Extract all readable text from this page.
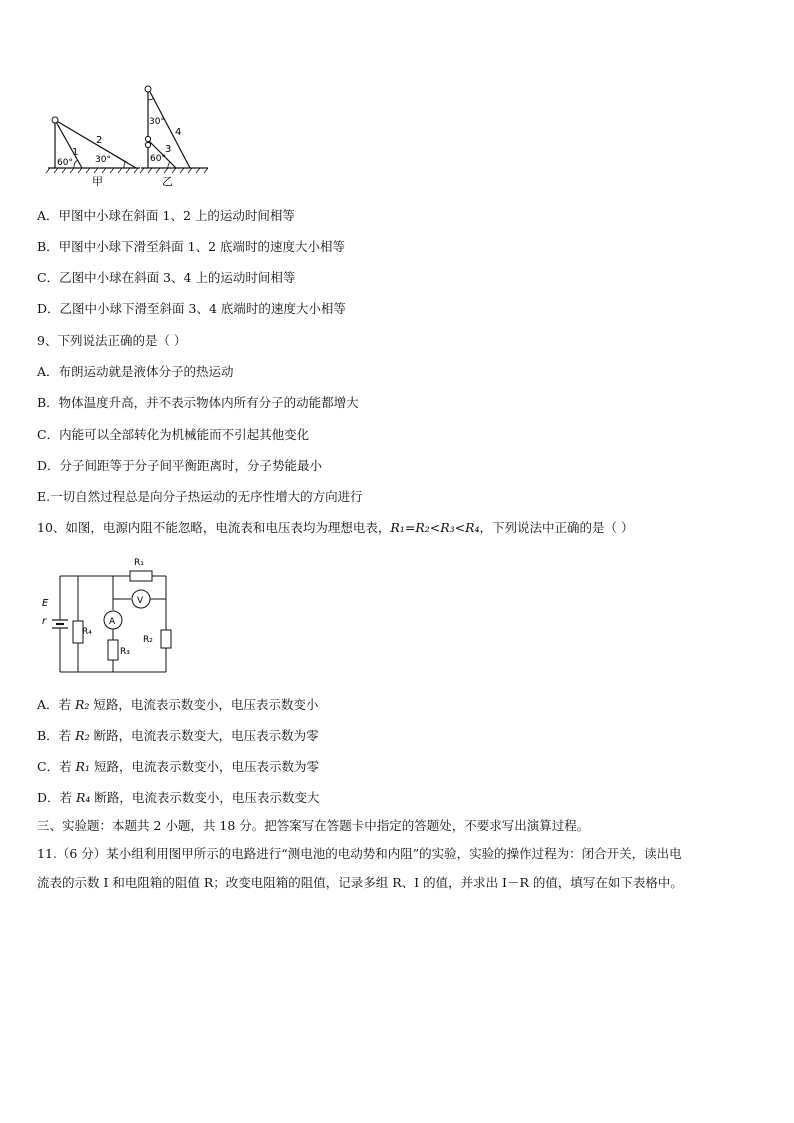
1
2
60° 30°
甲
30°
4
3
60°
乙
A．甲图中小球在斜面 1、2 上的运动时间相等
B．甲图中小球下滑至斜面 1、2 底端时的速度大小相等
C．乙图中小球在斜面 3、4 上的运动时间相等
D．乙图中小球下滑至斜面 3、4 底端时的速度大小相等
9、下列说法正确的是（ ）
A．布朗运动就是液体分子的热运动
B．物体温度升高，并不表示物体内所有分子的动能都增大
C．内能可以全部转化为机械能而不引起其他变化
D．分子间距等于分子间平衡距离时，分子势能最小
E.一切自然过程总是向分子热运动的无序性增大的方向进行
10、如图，电源内阻不能忽略，电流表和电压表均为理想电表，R₁=R₂<R₃<R₄，下列说法中正确的是（ ）
E
r
R₁
R₄
R₃
R₂
A
V
A．若 R₂ 短路，电流表示数变小，电压表示数变小
B．若 R₂ 断路，电流表示数变大，电压表示数为零
C．若 R₁ 短路，电流表示数变小，电压表示数为零
D．若 R₄ 断路，电流表示数变小，电压表示数变大
三、实验题：本题共 2 小题，共 18 分。把答案写在答题卡中指定的答题处，不要求写出演算过程。
11.（6 分）某小组利用图甲所示的电路进行“测电池的电动势和内阻”的实验，实验的操作过程为：闭合开关，读出电
流表的示数 I 和电阻箱的阻值 R；改变电阻箱的阻值，记录多组 R、I 的值，并求出 I－R 的值，填写在如下表格中。
